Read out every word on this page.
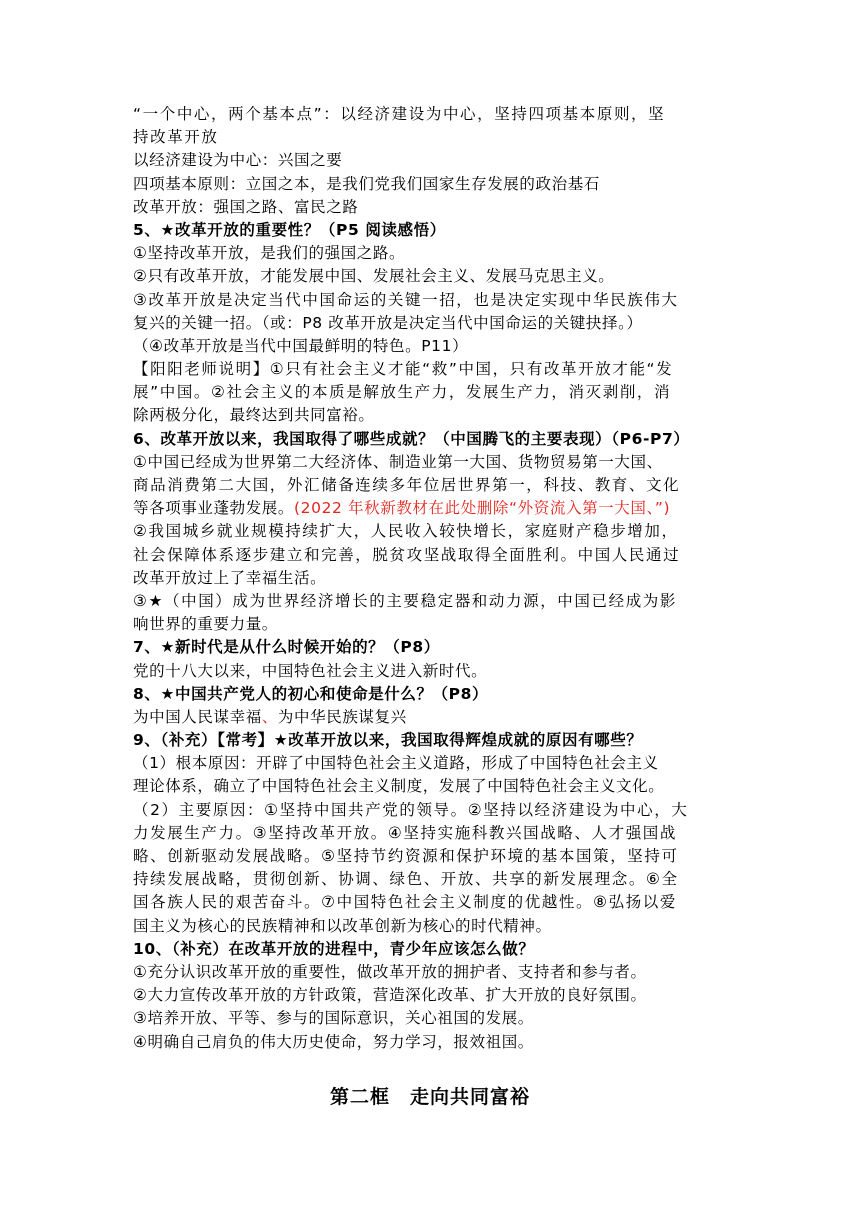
“一个中心，两个基本点”：以经济建设为中心，坚持四项基本原则，坚
持改革开放
以经济建设为中心：兴国之要
四项基本原则：立国之本，是我们党我们国家生存发展的政治基石
改革开放：强国之路、富民之路
5、★改革开放的重要性？（P5 阅读感悟）
①坚持改革开放，是我们的强国之路。
②只有改革开放，才能发展中国、发展社会主义、发展马克思主义。
③改革开放是决定当代中国命运的关键一招，也是决定实现中华民族伟大
复兴的关键一招。（或：P8 改革开放是决定当代中国命运的关键抉择。）
（④改革开放是当代中国最鲜明的特色。P11）
【阳阳老师说明】①只有社会主义才能“救”中国，只有改革开放才能“发
展”中国。②社会主义的本质是解放生产力，发展生产力，消灭剥削，消
除两极分化，最终达到共同富裕。
6、改革开放以来，我国取得了哪些成就？（中国腾飞的主要表现）（P6-P7）
①中国已经成为世界第二大经济体、制造业第一大国、货物贸易第一大国、
商品消费第二大国，外汇储备连续多年位居世界第一，科技、教育、文化
等各项事业蓬勃发展。(2022 年秋新教材在此处删除“外资流入第一大国、”)
②我国城乡就业规模持续扩大，人民收入较快增长，家庭财产稳步增加，
社会保障体系逐步建立和完善，脱贫攻坚战取得全面胜利。中国人民通过
改革开放过上了幸福生活。
③★（中国）成为世界经济增长的主要稳定器和动力源，中国已经成为影
响世界的重要力量。
7、★新时代是从什么时候开始的？（P8）
党的十八大以来，中国特色社会主义进入新时代。
8、★中国共产党人的初心和使命是什么？（P8）
为中国人民谋幸福、为中华民族谋复兴
9、（补充）【常考】★改革开放以来，我国取得辉煌成就的原因有哪些？
（1）根本原因：开辟了中国特色社会主义道路，形成了中国特色社会主义
理论体系，确立了中国特色社会主义制度，发展了中国特色社会主义文化。
（2）主要原因：①坚持中国共产党的领导。②坚持以经济建设为中心，大
力发展生产力。③坚持改革开放。④坚持实施科教兴国战略、人才强国战
略、创新驱动发展战略。⑤坚持节约资源和保护环境的基本国策，坚持可
持续发展战略，贯彻创新、协调、绿色、开放、共享的新发展理念。⑥全
国各族人民的艰苦奋斗。⑦中国特色社会主义制度的优越性。⑧弘扬以爱
国主义为核心的民族精神和以改革创新为核心的时代精神。
10、（补充）在改革开放的进程中，青少年应该怎么做？
①充分认识改革开放的重要性，做改革开放的拥护者、支持者和参与者。
②大力宣传改革开放的方针政策，营造深化改革、扩大开放的良好氛围。
③培养开放、平等、参与的国际意识，关心祖国的发展。
④明确自己肩负的伟大历史使命，努力学习，报效祖国。
第二框　走向共同富裕
